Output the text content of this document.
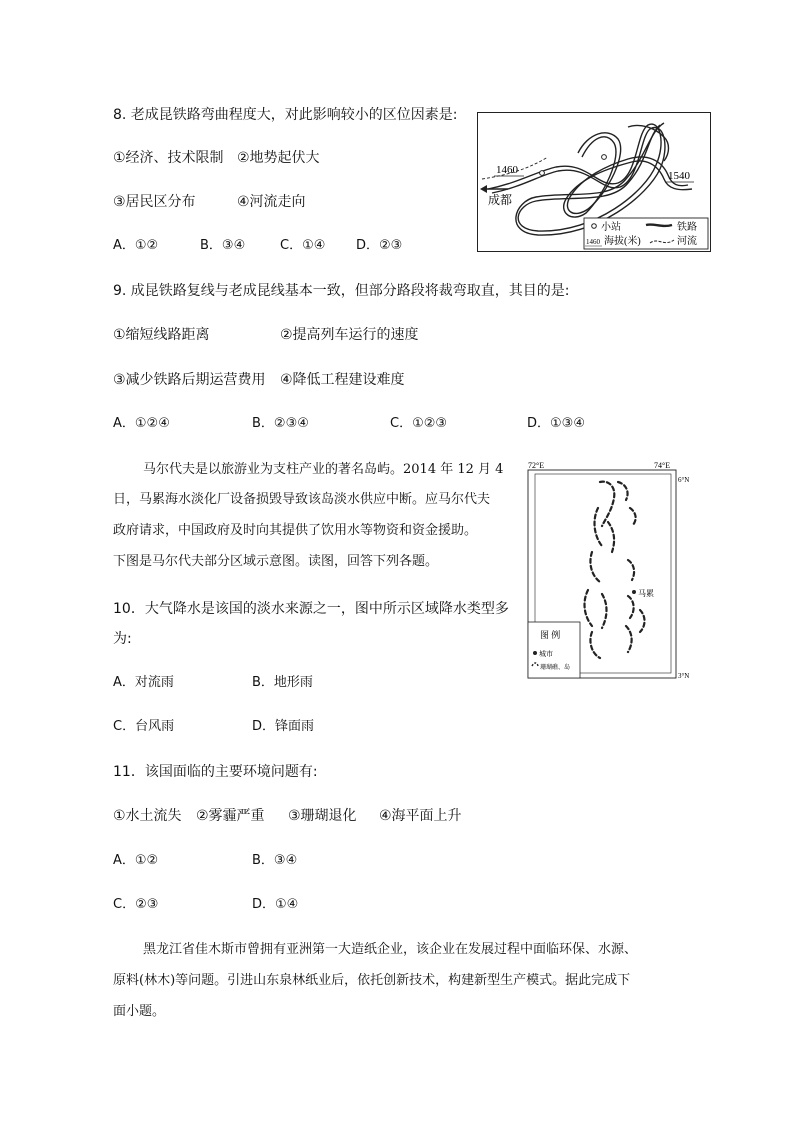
8. 老成昆铁路弯曲程度大，对此影响较小的区位因素是:
①经济、技术限制 ②地势起伏大
③居民区分布	④河流走向
A．①②	B．③④	C．①④ D．②③
1460	1540
成都
小站	铁路
1460 海拔(米)	河流
9. 成昆铁路复线与老成昆线基本一致，但部分路段将裁弯取直，其目的是:
①缩短线路距离	②提高列车运行的速度
③减少铁路后期运营费用 ④降低工程建设难度
A．①②④	B．②③④	C．①②③	D．①③④
马尔代夫是以旅游业为支柱产业的著名岛屿。2014 年 12 月 4
日，马累海水淡化厂设备损毁导致该岛淡水供应中断。应马尔代夫
政府请求，中国政府及时向其提供了饮用水等物资和资金援助。
下图是马尔代夫部分区域示意图。读图，回答下列各题。
72°E	74°E
6°N
3°N
马累
图 例
城市
珊瑚礁、岛
10．大气降水是该国的淡水来源之一，图中所示区域降水类型多
为:
A．对流雨	B．地形雨
C．台风雨	D．锋面雨
11．该国面临的主要环境问题有:
①水土流失 ②雾霾严重 ③珊瑚退化 ④海平面上升
A．①②	B．③④
C．②③	D．①④
黑龙江省佳木斯市曾拥有亚洲第一大造纸企业，该企业在发展过程中面临环保、水源、
原料(林木)等问题。引进山东泉林纸业后，依托创新技术，构建新型生产模式。据此完成下
面小题。
